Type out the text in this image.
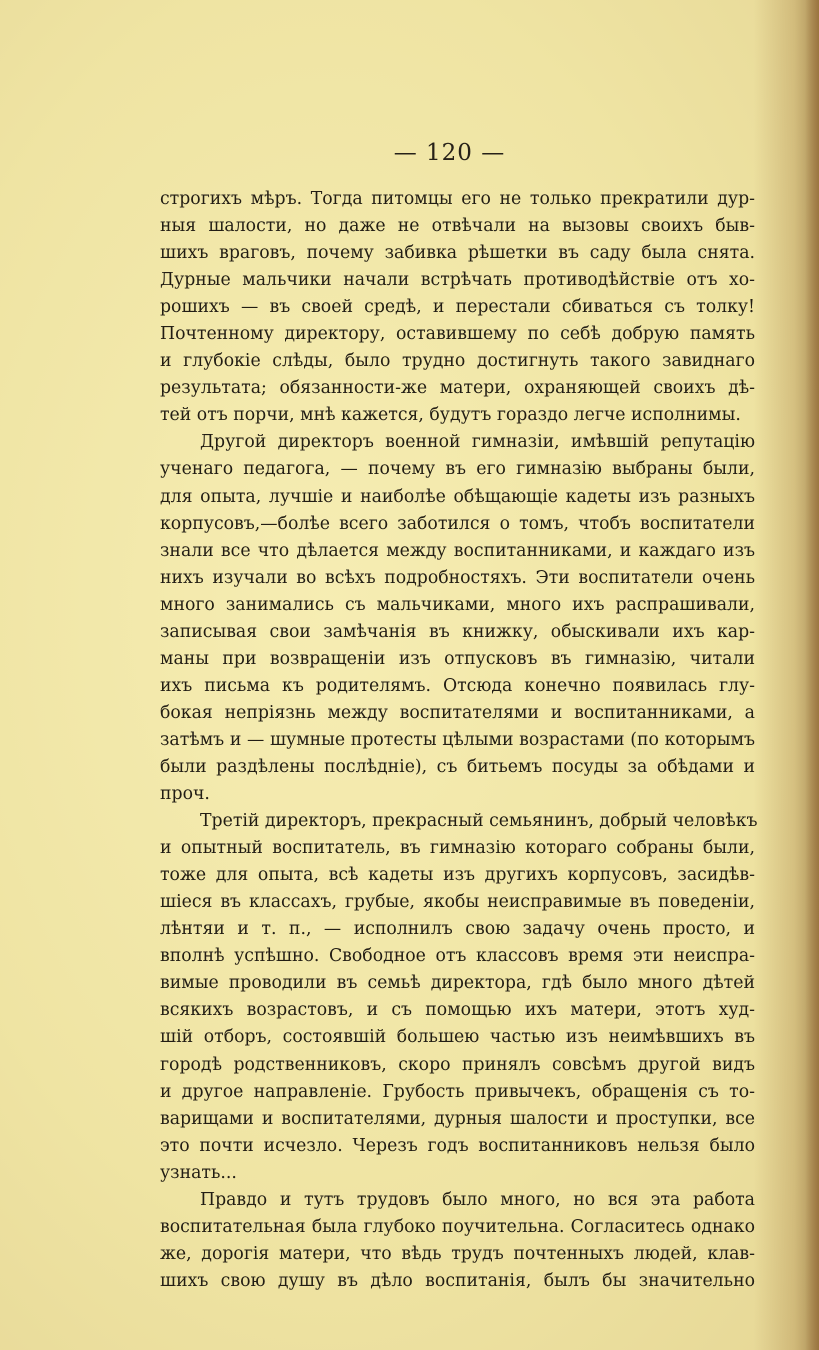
— 120 —
строгихъ мѣръ. Тогда питомцы его не только прекратили дур-
ныя шалости, но даже не отвѣчали на вызовы своихъ быв-
шихъ враговъ, почему забивка рѣшетки въ саду была снята.
Дурные мальчики начали встрѣчать противодѣйствіе отъ хо-
рошихъ — въ своей средѣ, и перестали сбиваться съ толку!
Почтенному директору, оставившему по себѣ добрую память
и глубокіе слѣды, было трудно достигнуть такого завиднаго
результата; обязанности-же матери, охраняющей своихъ дѣ-
тей отъ порчи, мнѣ кажется, будутъ гораздо легче исполнимы.
Другой директоръ военной гимназіи, имѣвшій репутацію
ученаго педагога, — почему въ его гимназію выбраны были,
для опыта, лучшіе и наиболѣе обѣщающіе кадеты изъ разныхъ
корпусовъ,—болѣе всего заботился о томъ, чтобъ воспитатели
знали все что дѣлается между воспитанниками, и каждаго изъ
нихъ изучали во всѣхъ подробностяхъ. Эти воспитатели очень
много занимались съ мальчиками, много ихъ распрашивали,
записывая свои замѣчанія въ книжку, обыскивали ихъ кар-
маны при возвращеніи изъ отпусковъ въ гимназію, читали
ихъ письма къ родителямъ. Отсюда конечно появилась глу-
бокая непріязнь между воспитателями и воспитанниками, а
затѣмъ и — шумные протесты цѣлыми возрастами (по которымъ
были раздѣлены послѣдніе), съ битьемъ посуды за обѣдами и
проч.
Третій директоръ, прекрасный семьянинъ, добрый человѣкъ
и опытный воспитатель, въ гимназію котораго собраны были,
тоже для опыта, всѣ кадеты изъ другихъ корпусовъ, засидѣв-
шіеся въ классахъ, грубые, якобы неисправимые въ поведеніи,
лѣнтяи и т. п., — исполнилъ свою задачу очень просто, и
вполнѣ успѣшно. Свободное отъ классовъ время эти неиспра-
вимые проводили въ семьѣ директора, гдѣ было много дѣтей
всякихъ возрастовъ, и съ помощью ихъ матери, этотъ худ-
шій отборъ, состоявшій большею частью изъ неимѣвшихъ въ
городѣ родственниковъ, скоро принялъ совсѣмъ другой видъ
и другое направленіе. Грубость привычекъ, обращенія съ то-
варищами и воспитателями, дурныя шалости и проступки, все
это почти исчезло. Черезъ годъ воспитанниковъ нельзя было
узнать...
Правдо и тутъ трудовъ было много, но вся эта работа
воспитательная была глубоко поучительна. Согласитесь однако
же, дорогія матери, что вѣдь трудъ почтенныхъ людей, клав-
шихъ свою душу въ дѣло воспитанія, былъ бы значительно
